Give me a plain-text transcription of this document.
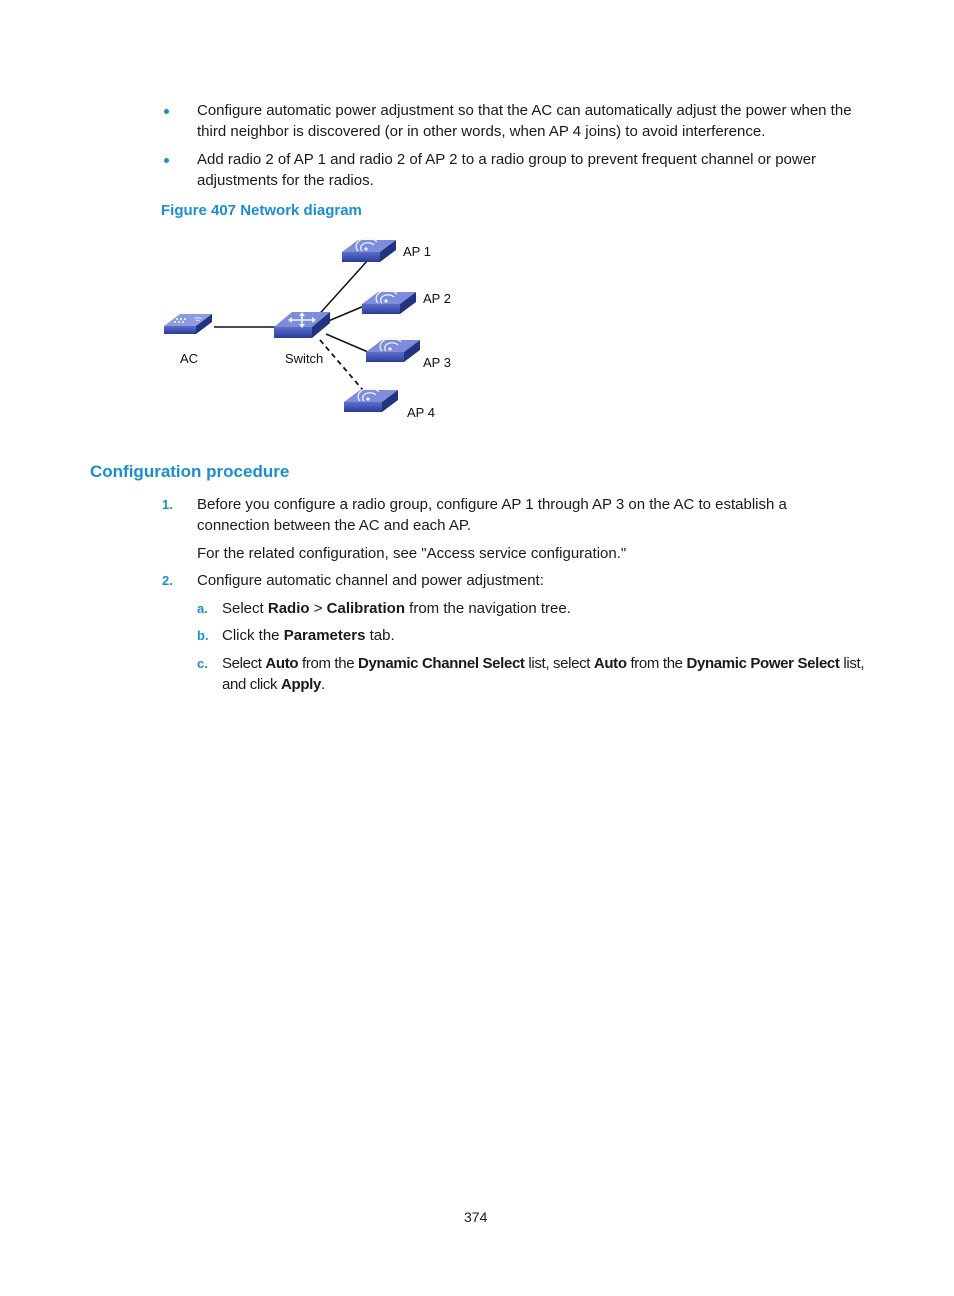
Configure automatic power adjustment so that the AC can automatically adjust the power when the
third neighbor is discovered (or in other words, when AP 4 joins) to avoid interference.
Add radio 2 of AP 1 and radio 2 of AP 2 to a radio group to prevent frequent channel or power
adjustments for the radios.
Figure 407 Network diagram
AC	Switch
AP 1
AP 2
AP 3
AP 4
Configuration procedure
1. Before you configure a radio group, configure AP 1 through AP 3 on the AC to establish a
connection between the AC and each AP.
For the related configuration, see "Access service configuration."
2. Configure automatic channel and power adjustment:
a. Select Radio > Calibration from the navigation tree.
b. Click the Parameters tab.
c. Select Auto from the Dynamic Channel Select list, select Auto from the Dynamic Power Select list,
and click Apply.
374
